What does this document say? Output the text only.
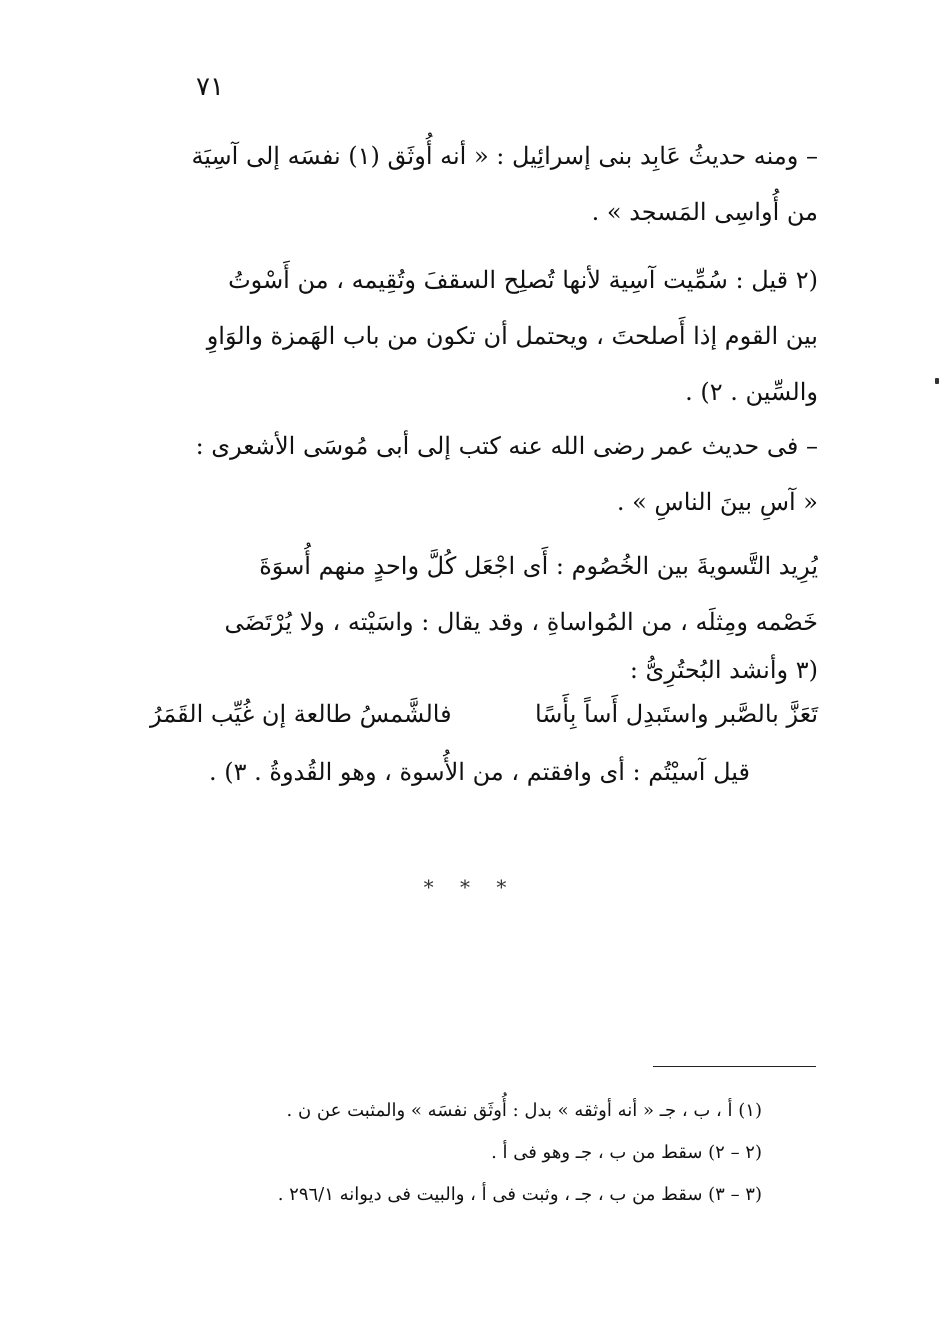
٧١
– ومنه حديثُ عَابِد بنى إسرائِيل : « أنه أُوثَق (١) نفسَه إلى آسِيَة
من أُواسِى المَسجد » .
(٢ قيل : سُمِّيت آسِية لأنها تُصلِح السقفَ وتُقِيمه ، من أَسْوتُ
بين القوم إذا أَصلحتَ ، ويحتمل أن تكون من باب الهَمزة والوَاوِ
والسِّين . ٢) .
– فى حديث عمر رضى الله عنه كتب إلى أبى مُوسَى الأشعرى :
« آسِ بينَ الناسِ » .
يُرِيد التَّسويةَ بين الخُصُوم : أَى اجْعَل كُلَّ واحدٍ منهم أُسوَةَ
خَصْمه ومِثلَه ، من المُواساةِ ، وقد يقال : واسَيْته ، ولا يُرْتَضَى
(٣ وأنشد البُحتُرِىُّ :
تَعَزَّ بالصَّبر واستَبدِل أَساً بِأَسًا
فالشَّمسُ طالعة إن غُيِّب القَمَرُ
قيل آسيْتُم : أى وافقتم ، من الأُسوة ، وهو القُدوةُ . ٣) .
* * *
(١) أ ، ب ، جـ « أنه أوثقه » بدل : أُوثَق نفسَه » والمثبت عن ن .
(٢ – ٢) سقط من ب ، جـ وهو فى أ .
(٣ – ٣) سقط من ب ، جـ ، وثبت فى أ ، والبيت فى ديوانه ٢٩٦/١ .
